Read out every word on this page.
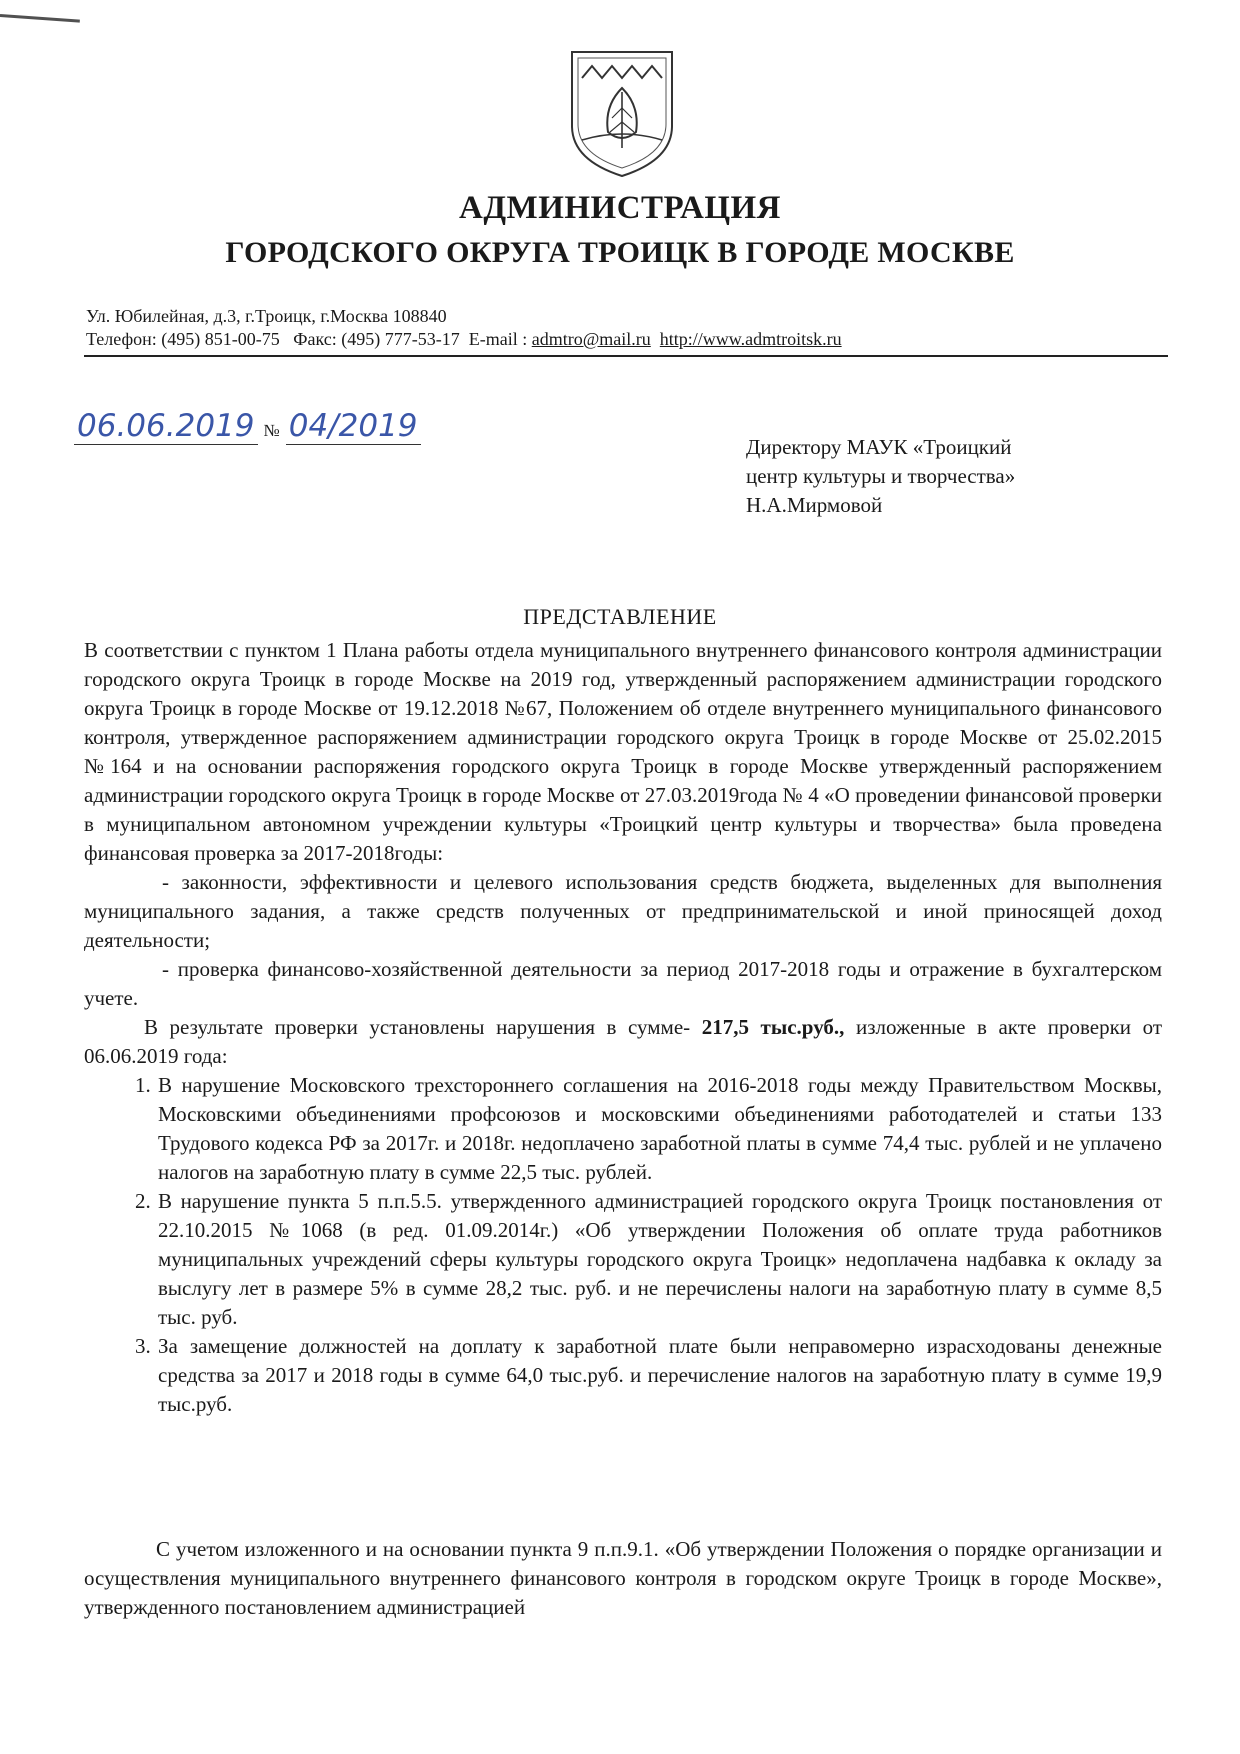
АДМИНИСТРАЦИЯ
ГОРОДСКОГО ОКРУГА ТРОИЦК В ГОРОДЕ МОСКВЕ
Ул. Юбилейная, д.3, г.Троицк, г.Москва 108840
Телефон: (495) 851-00-75 Факс: (495) 777-53-17 E-mail : admtro@mail.ru http://www.admtroitsk.ru
06.06.2019 № 04/2019
Директору МАУК «Троицкий
центр культуры и творчества»
Н.А.Мирмовой
ПРЕДСТАВЛЕНИЕ

В соответствии с пунктом 1 Плана работы отдела муниципального внутреннего финансового контроля администрации городского округа Троицк в городе Москве на 2019 год, утвержденный распоряжением администрации городского округа Троицк в городе Москве от 19.12.2018 №67, Положением об отделе внутреннего муниципального финансового контроля, утвержденное распоряжением администрации городского округа Троицк в городе Москве от 25.02.2015 №164 и на основании распоряжения городского округа Троицк в городе Москве утвержденный распоряжением администрации городского округа Троицк в городе Москве от 27.03.2019года № 4 «О проведении финансовой проверки в муниципальном автономном учреждении культуры «Троицкий центр культуры и творчества» была проведена финансовая проверка за 2017-2018годы:

- законности, эффективности и целевого использования средств бюджета, выделенных для выполнения муниципального задания, а также средств полученных от предпринимательской и иной приносящей доход деятельности;

- проверка финансово-хозяйственной деятельности за период 2017-2018 годы и отражение в бухгалтерском учете.

В результате проверки установлены нарушения в сумме- 217,5 тыс.руб., изложенные в акте проверки от 06.06.2019 года:

1. В нарушение Московского трехстороннего соглашения на 2016-2018 годы между Правительством Москвы, Московскими объединениями профсоюзов и московскими объединениями работодателей и статьи 133 Трудового кодекса РФ за 2017г. и 2018г. недоплачено заработной платы в сумме 74,4 тыс. рублей и не уплачено налогов на заработную плату в сумме 22,5 тыс. рублей.
2. В нарушение пункта 5 п.п.5.5. утвержденного администрацией городского округа Троицк постановления от 22.10.2015 №1068 (в ред. 01.09.2014г.) «Об утверждении Положения об оплате труда работников муниципальных учреждений сферы культуры городского округа Троицк» недоплачена надбавка к окладу за выслугу лет в размере 5% в сумме 28,2 тыс. руб. и не перечислены налоги на заработную плату в сумме 8,5 тыс. руб.
3. За замещение должностей на доплату к заработной плате были неправомерно израсходованы денежные средства за 2017 и 2018 годы в сумме 64,0 тыс.руб. и перечисление налогов на заработную плату в сумме 19,9 тыс.руб.

С учетом изложенного и на основании пункта 9 п.п.9.1. «Об утверждении Положения о порядке организации и осуществления муниципального внутреннего финансового контроля в городском округе Троицк в городе Москве», утвержденного постановлением администрацией
